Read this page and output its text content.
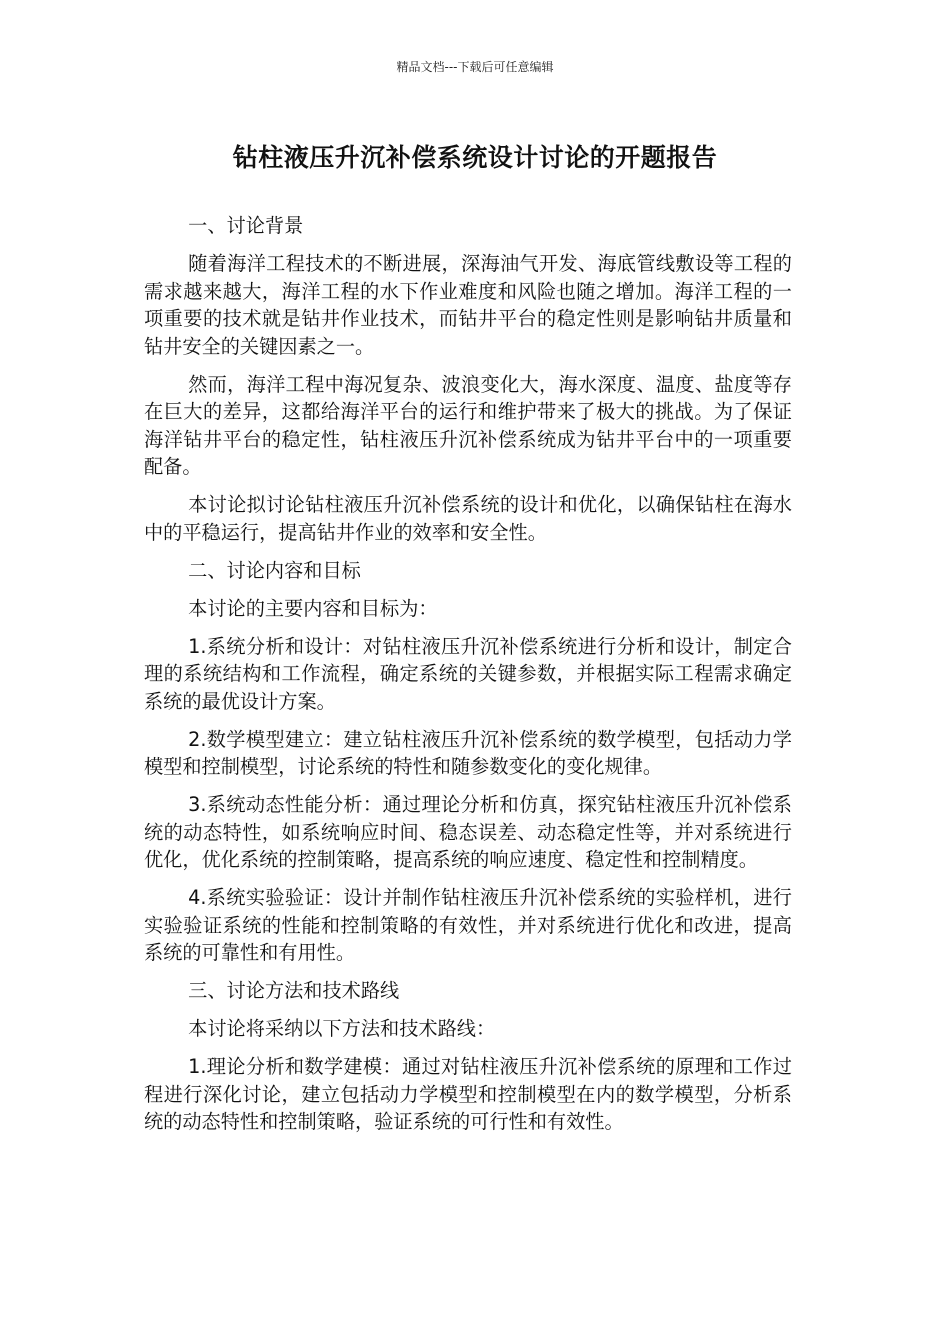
精品文档---下载后可任意编辑
钻柱液压升沉补偿系统设计讨论的开题报告

一、讨论背景

随着海洋工程技术的不断进展，深海油气开发、海底管线敷设等工程的需求越来越大，海洋工程的水下作业难度和风险也随之增加。海洋工程的一项重要的技术就是钻井作业技术，而钻井平台的稳定性则是影响钻井质量和钻井安全的关键因素之一。

然而，海洋工程中海况复杂、波浪变化大，海水深度、温度、盐度等存在巨大的差异，这都给海洋平台的运行和维护带来了极大的挑战。为了保证海洋钻井平台的稳定性，钻柱液压升沉补偿系统成为钻井平台中的一项重要配备。

本讨论拟讨论钻柱液压升沉补偿系统的设计和优化，以确保钻柱在海水中的平稳运行，提高钻井作业的效率和安全性。

二、讨论内容和目标

本讨论的主要内容和目标为：

1.系统分析和设计：对钻柱液压升沉补偿系统进行分析和设计，制定合理的系统结构和工作流程，确定系统的关键参数，并根据实际工程需求确定系统的最优设计方案。

2.数学模型建立：建立钻柱液压升沉补偿系统的数学模型，包括动力学模型和控制模型，讨论系统的特性和随参数变化的变化规律。

3.系统动态性能分析：通过理论分析和仿真，探究钻柱液压升沉补偿系统的动态特性，如系统响应时间、稳态误差、动态稳定性等，并对系统进行优化，优化系统的控制策略，提高系统的响应速度、稳定性和控制精度。

4.系统实验验证：设计并制作钻柱液压升沉补偿系统的实验样机，进行实验验证系统的性能和控制策略的有效性，并对系统进行优化和改进，提高系统的可靠性和有用性。

三、讨论方法和技术路线

本讨论将采纳以下方法和技术路线：

1.理论分析和数学建模：通过对钻柱液压升沉补偿系统的原理和工作过程进行深化讨论，建立包括动力学模型和控制模型在内的数学模型，分析系统的动态特性和控制策略，验证系统的可行性和有效性。
